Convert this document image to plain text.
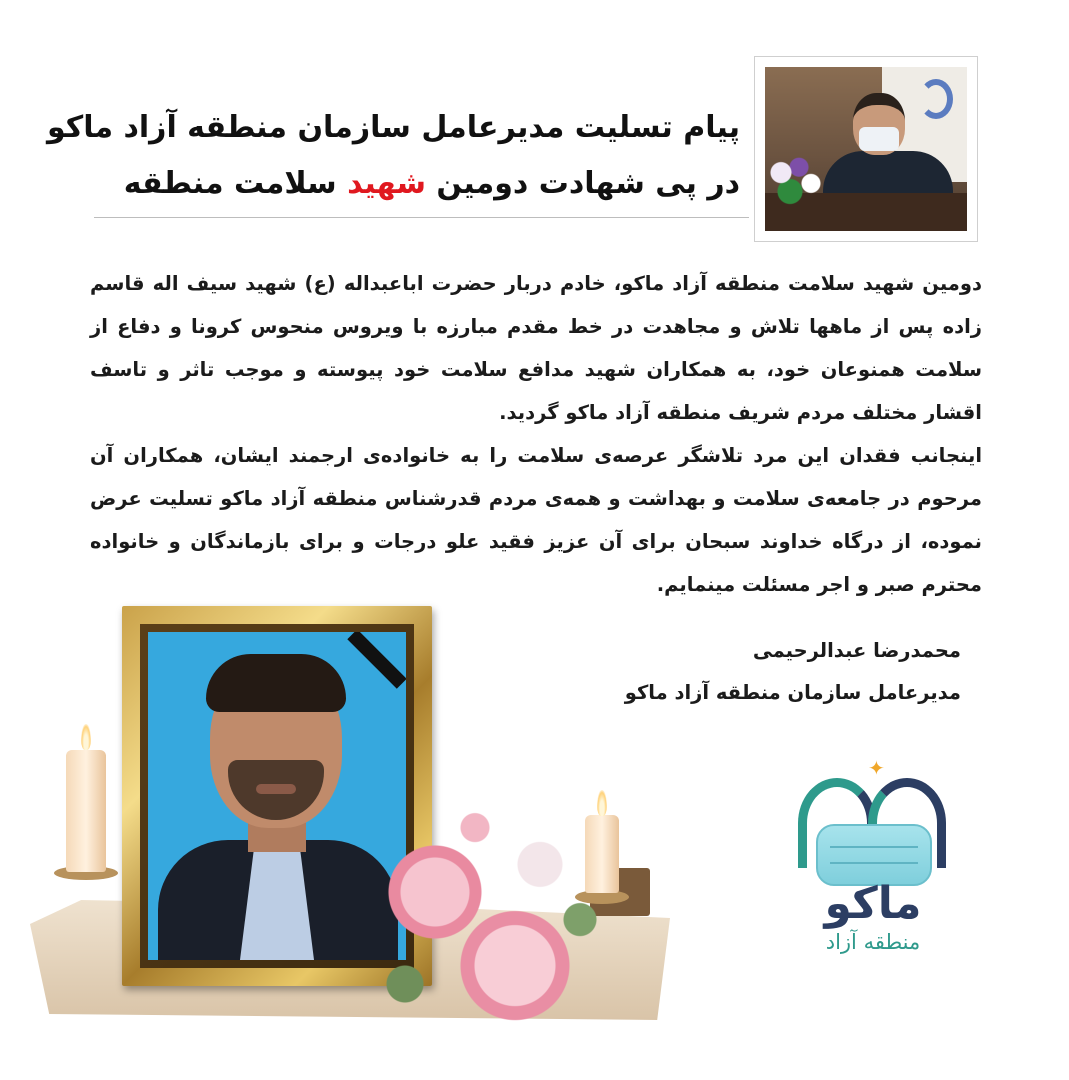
پیام تسلیت مدیرعامل سازمان منطقه آزاد ماکو
در پی شهادت دومین شهید سلامت منطقه

دومین شهید سلامت منطقه آزاد ماکو، خادم دربار حضرت اباعبداله (ع) شهید سیف اله قاسم زاده پس از ماهها تلاش و مجاهدت در خط مقدم مبارزه با ویروس منحوس کرونا و دفاع از سلامت همنوعان خود، به همکاران شهید مدافع سلامت خود پیوسته و موجب تاثر و تاسف اقشار مختلف مردم شریف منطقه آزاد ماکو گردید.

اینجانب فقدان این مرد تلاشگر عرصه‌ی سلامت را به خانواده‌ی ارجمند ایشان، همکاران آن مرحوم در جامعه‌ی سلامت و بهداشت و همه‌ی مردم قدرشناس منطقه آزاد ماکو تسلیت عرض نموده، از درگاه خداوند سبحان برای آن عزیز فقید علو درجات و برای بازماندگان و خانواده محترم صبر و اجر مسئلت مینمایم.

محمدرضا عبدالرحیمی
مدیرعامل سازمان منطقه آزاد ماکو
✦
ماکو
منطقه آزاد
